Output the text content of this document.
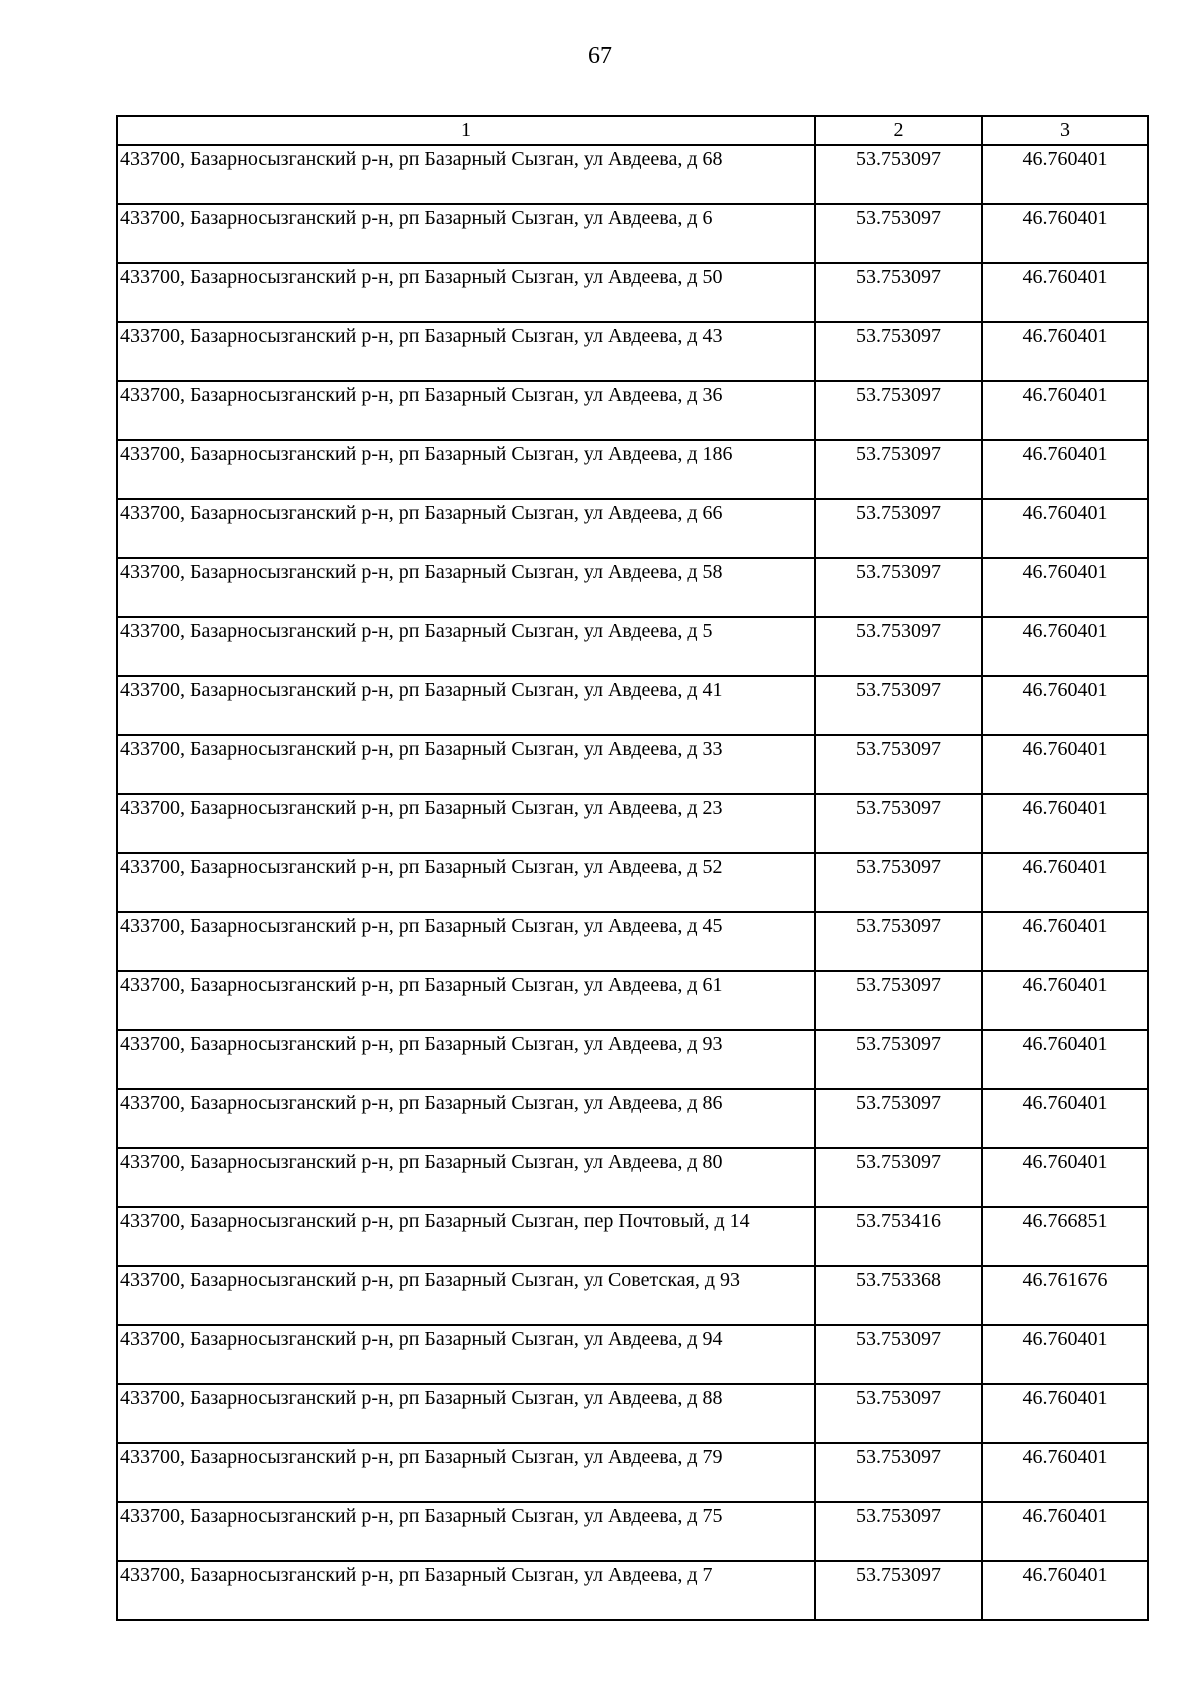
67
1	2	3
433700, Базарносызганский р-н, рп Базарный Сызган, ул Авдеева, д 68	53.753097	46.760401
433700, Базарносызганский р-н, рп Базарный Сызган, ул Авдеева, д 6	53.753097	46.760401
433700, Базарносызганский р-н, рп Базарный Сызган, ул Авдеева, д 50	53.753097	46.760401
433700, Базарносызганский р-н, рп Базарный Сызган, ул Авдеева, д 43	53.753097	46.760401
433700, Базарносызганский р-н, рп Базарный Сызган, ул Авдеева, д 36	53.753097	46.760401
433700, Базарносызганский р-н, рп Базарный Сызган, ул Авдеева, д 186	53.753097	46.760401
433700, Базарносызганский р-н, рп Базарный Сызган, ул Авдеева, д 66	53.753097	46.760401
433700, Базарносызганский р-н, рп Базарный Сызган, ул Авдеева, д 58	53.753097	46.760401
433700, Базарносызганский р-н, рп Базарный Сызган, ул Авдеева, д 5	53.753097	46.760401
433700, Базарносызганский р-н, рп Базарный Сызган, ул Авдеева, д 41	53.753097	46.760401
433700, Базарносызганский р-н, рп Базарный Сызган, ул Авдеева, д 33	53.753097	46.760401
433700, Базарносызганский р-н, рп Базарный Сызган, ул Авдеева, д 23	53.753097	46.760401
433700, Базарносызганский р-н, рп Базарный Сызган, ул Авдеева, д 52	53.753097	46.760401
433700, Базарносызганский р-н, рп Базарный Сызган, ул Авдеева, д 45	53.753097	46.760401
433700, Базарносызганский р-н, рп Базарный Сызган, ул Авдеева, д 61	53.753097	46.760401
433700, Базарносызганский р-н, рп Базарный Сызган, ул Авдеева, д 93	53.753097	46.760401
433700, Базарносызганский р-н, рп Базарный Сызган, ул Авдеева, д 86	53.753097	46.760401
433700, Базарносызганский р-н, рп Базарный Сызган, ул Авдеева, д 80	53.753097	46.760401
433700, Базарносызганский р-н, рп Базарный Сызган, пер Почтовый, д 14	53.753416	46.766851
433700, Базарносызганский р-н, рп Базарный Сызган, ул Советская, д 93	53.753368	46.761676
433700, Базарносызганский р-н, рп Базарный Сызган, ул Авдеева, д 94	53.753097	46.760401
433700, Базарносызганский р-н, рп Базарный Сызган, ул Авдеева, д 88	53.753097	46.760401
433700, Базарносызганский р-н, рп Базарный Сызган, ул Авдеева, д 79	53.753097	46.760401
433700, Базарносызганский р-н, рп Базарный Сызган, ул Авдеева, д 75	53.753097	46.760401
433700, Базарносызганский р-н, рп Базарный Сызган, ул Авдеева, д 7	53.753097	46.760401
